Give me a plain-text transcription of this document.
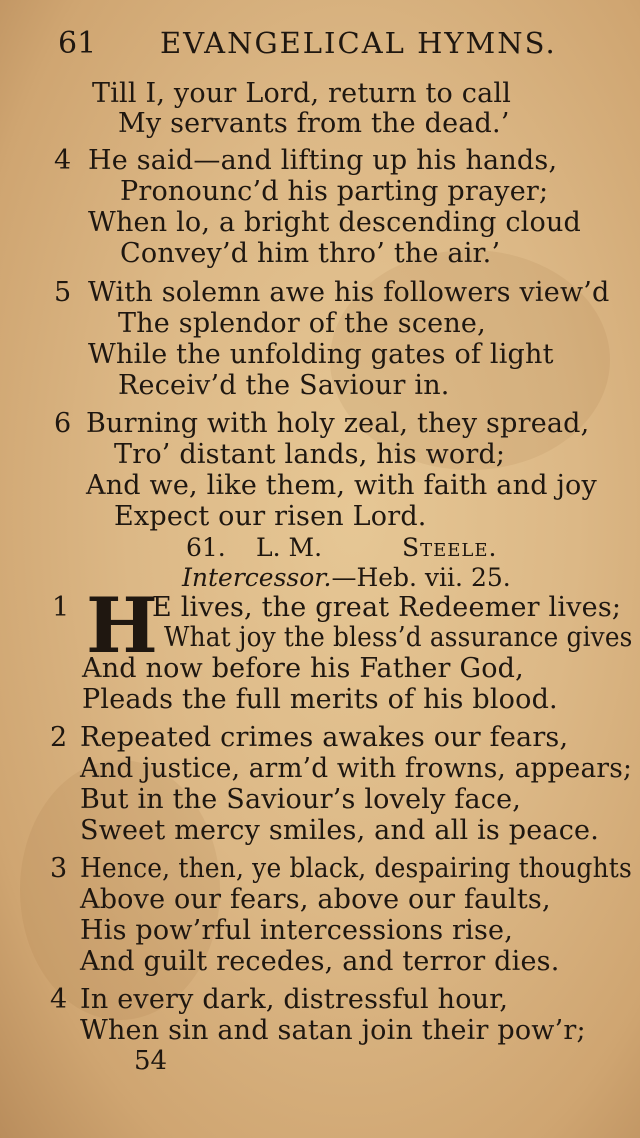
61 EVANGELICAL HYMNS.
Till I, your Lord, return to call
My servants from the dead.’
4 He said—and lifting up his hands,
Pronounc’d his parting prayer;
When lo, a bright descending cloud
Convey’d him thro’ the air.’
5 With solemn awe his followers view’d
The splendor of the scene,
While the unfolding gates of light
Receiv’d the Saviour in.
6 Burning with holy zeal, they spread,
Tro’ distant lands, his word;
And we, like them, with faith and joy
Expect our risen Lord.
61. L. M.	Steele.
Intercessor.—Heb. vii. 25.
1 H
E lives, the great Redeemer lives;
What joy the bless’d assurance gives
And now before his Father God,
Pleads the full merits of his blood.
2 Repeated crimes awakes our fears,
And justice, arm’d with frowns, appears;
But in the Saviour’s lovely face,
Sweet mercy smiles, and all is peace.
3 Hence, then, ye black, despairing thoughts
Above our fears, above our faults,
His pow’rful intercessions rise,
And guilt recedes, and terror dies.
4 In every dark, distressful hour,
When sin and satan join their pow’r;
54
